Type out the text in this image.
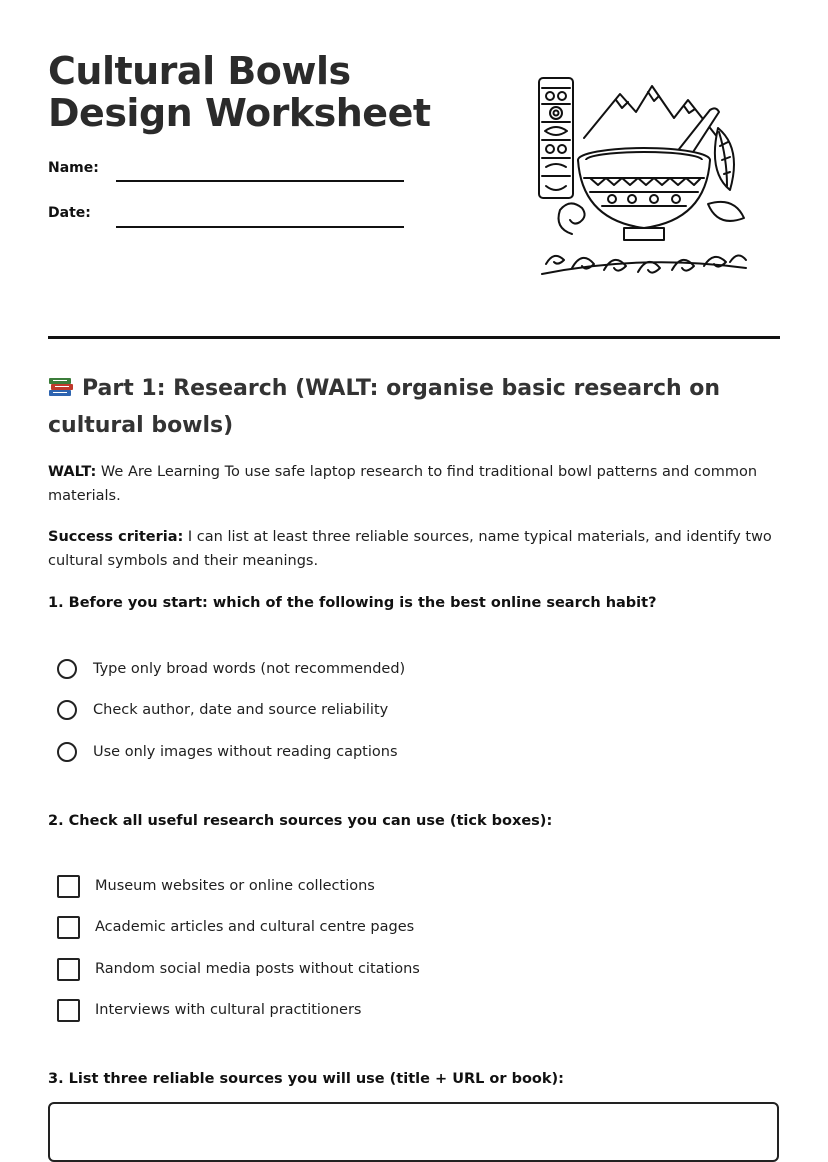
Cultural Bowls Design Worksheet
Name:
Date:
Part 1: Research (WALT: organise basic research on cultural bowls)

WALT: We Are Learning To use safe laptop research to find traditional bowl patterns and common materials.

Success criteria: I can list at least three reliable sources, name typical materials, and identify two cultural symbols and their meanings.

1. Before you start: which of the following is the best online search habit?

Type only broad words (not recommended)
Check author, date and source reliability
Use only images without reading captions

2. Check all useful research sources you can use (tick boxes):

Museum websites or online collections
Academic articles and cultural centre pages
Random social media posts without citations
Interviews with cultural practitioners

3. List three reliable sources you will use (title + URL or book):
